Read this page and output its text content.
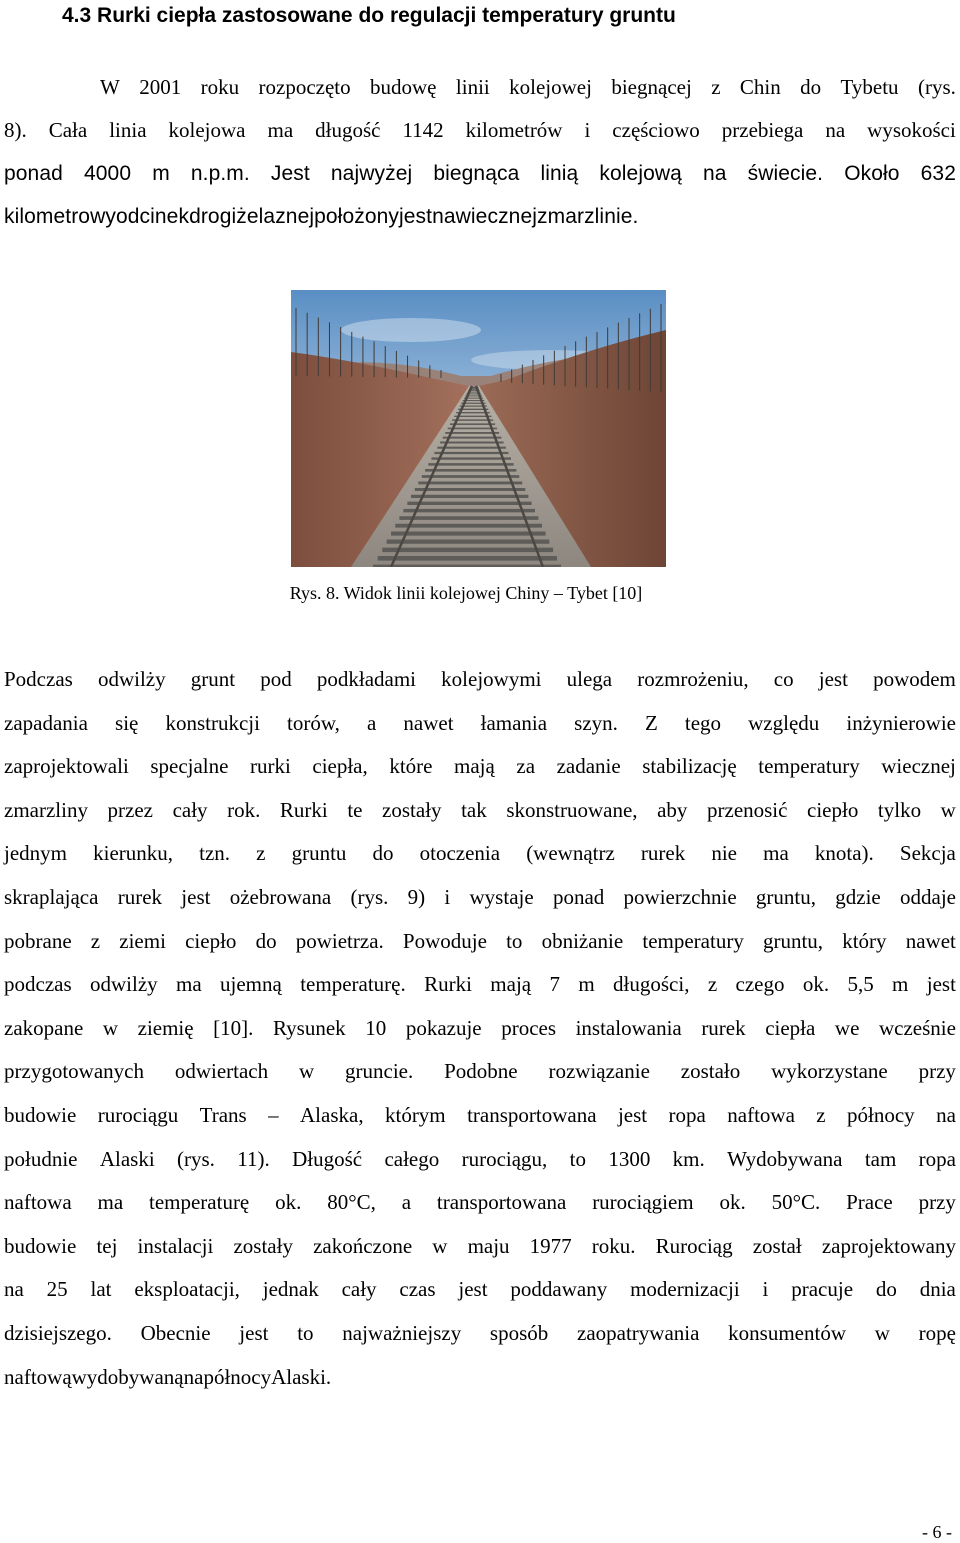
4.3 Rurki ciepła zastosowane do regulacji temperatury gruntu
W 2001 roku rozpoczęto budowę linii kolejowej biegnącej z Chin do Tybetu (rys.
8). Cała linia kolejowa ma długość 1142 kilometrów i częściowo przebiega na wysokości
ponad 4000 m n.p.m. Jest najwyżej biegnąca linią kolejową na świecie. Około 632
kilometrowy odcinek drogi żelaznej położony jest na wiecznej zmarzlinie.
Rys. 8. Widok linii kolejowej Chiny – Tybet [10]
Podczas odwilży grunt pod podkładami kolejowymi ulega rozmrożeniu, co jest powodem
zapadania się konstrukcji torów, a nawet łamania szyn. Z tego względu inżynierowie
zaprojektowali specjalne rurki ciepła, które mają za zadanie stabilizację temperatury wiecznej
zmarzliny przez cały rok. Rurki te zostały tak skonstruowane, aby przenosić ciepło tylko w
jednym kierunku, tzn. z gruntu do otoczenia (wewnątrz rurek nie ma knota). Sekcja
skraplająca rurek jest ożebrowana (rys. 9) i wystaje ponad powierzchnie gruntu, gdzie oddaje
pobrane z ziemi ciepło do powietrza. Powoduje to obniżanie temperatury gruntu, który nawet
podczas odwilży ma ujemną temperaturę. Rurki mają 7 m długości, z czego ok. 5,5 m jest
zakopane w ziemię [10]. Rysunek 10 pokazuje proces instalowania rurek ciepła we wcześnie
przygotowanych odwiertach w gruncie. Podobne rozwiązanie zostało wykorzystane przy
budowie rurociągu Trans – Alaska, którym transportowana jest ropa naftowa z północy na
południe Alaski (rys. 11). Długość całego rurociągu, to 1300 km. Wydobywana tam ropa
naftowa ma temperaturę ok. 80°C, a transportowana rurociągiem ok. 50°C. Prace przy
budowie tej instalacji zostały zakończone w maju 1977 roku. Rurociąg został zaprojektowany
na 25 lat eksploatacji, jednak cały czas jest poddawany modernizacji i pracuje do dnia
dzisiejszego. Obecnie jest to najważniejszy sposób zaopatrywania konsumentów w ropę
naftową wydobywaną na północy Alaski.
- 6 -
